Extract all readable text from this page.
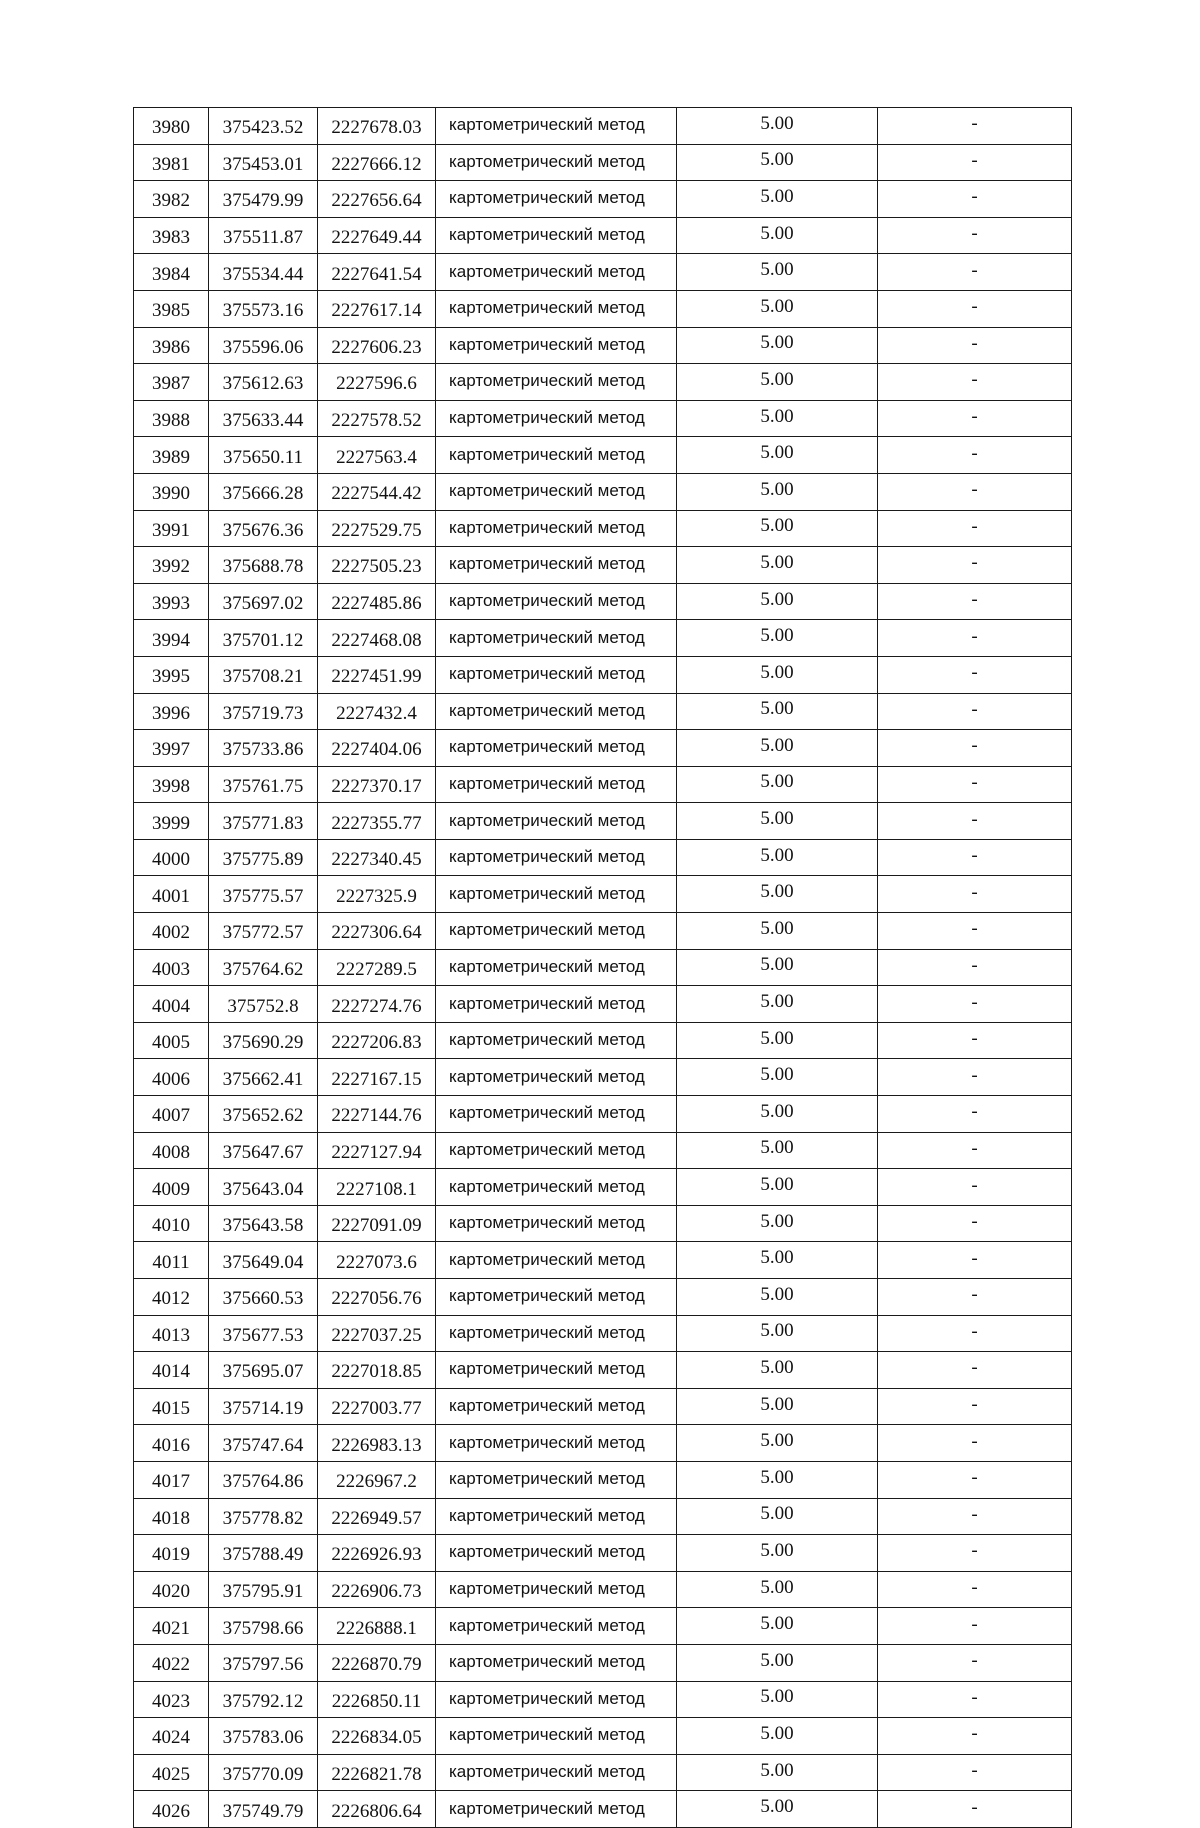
3980	375423.52	2227678.03	картометрический метод	5.00	-
3981	375453.01	2227666.12	картометрический метод	5.00	-
3982	375479.99	2227656.64	картометрический метод	5.00	-
3983	375511.87	2227649.44	картометрический метод	5.00	-
3984	375534.44	2227641.54	картометрический метод	5.00	-
3985	375573.16	2227617.14	картометрический метод	5.00	-
3986	375596.06	2227606.23	картометрический метод	5.00	-
3987	375612.63	2227596.6	картометрический метод	5.00	-
3988	375633.44	2227578.52	картометрический метод	5.00	-
3989	375650.11	2227563.4	картометрический метод	5.00	-
3990	375666.28	2227544.42	картометрический метод	5.00	-
3991	375676.36	2227529.75	картометрический метод	5.00	-
3992	375688.78	2227505.23	картометрический метод	5.00	-
3993	375697.02	2227485.86	картометрический метод	5.00	-
3994	375701.12	2227468.08	картометрический метод	5.00	-
3995	375708.21	2227451.99	картометрический метод	5.00	-
3996	375719.73	2227432.4	картометрический метод	5.00	-
3997	375733.86	2227404.06	картометрический метод	5.00	-
3998	375761.75	2227370.17	картометрический метод	5.00	-
3999	375771.83	2227355.77	картометрический метод	5.00	-
4000	375775.89	2227340.45	картометрический метод	5.00	-
4001	375775.57	2227325.9	картометрический метод	5.00	-
4002	375772.57	2227306.64	картометрический метод	5.00	-
4003	375764.62	2227289.5	картометрический метод	5.00	-
4004	375752.8	2227274.76	картометрический метод	5.00	-
4005	375690.29	2227206.83	картометрический метод	5.00	-
4006	375662.41	2227167.15	картометрический метод	5.00	-
4007	375652.62	2227144.76	картометрический метод	5.00	-
4008	375647.67	2227127.94	картометрический метод	5.00	-
4009	375643.04	2227108.1	картометрический метод	5.00	-
4010	375643.58	2227091.09	картометрический метод	5.00	-
4011	375649.04	2227073.6	картометрический метод	5.00	-
4012	375660.53	2227056.76	картометрический метод	5.00	-
4013	375677.53	2227037.25	картометрический метод	5.00	-
4014	375695.07	2227018.85	картометрический метод	5.00	-
4015	375714.19	2227003.77	картометрический метод	5.00	-
4016	375747.64	2226983.13	картометрический метод	5.00	-
4017	375764.86	2226967.2	картометрический метод	5.00	-
4018	375778.82	2226949.57	картометрический метод	5.00	-
4019	375788.49	2226926.93	картометрический метод	5.00	-
4020	375795.91	2226906.73	картометрический метод	5.00	-
4021	375798.66	2226888.1	картометрический метод	5.00	-
4022	375797.56	2226870.79	картометрический метод	5.00	-
4023	375792.12	2226850.11	картометрический метод	5.00	-
4024	375783.06	2226834.05	картометрический метод	5.00	-
4025	375770.09	2226821.78	картометрический метод	5.00	-
4026	375749.79	2226806.64	картометрический метод	5.00	-
